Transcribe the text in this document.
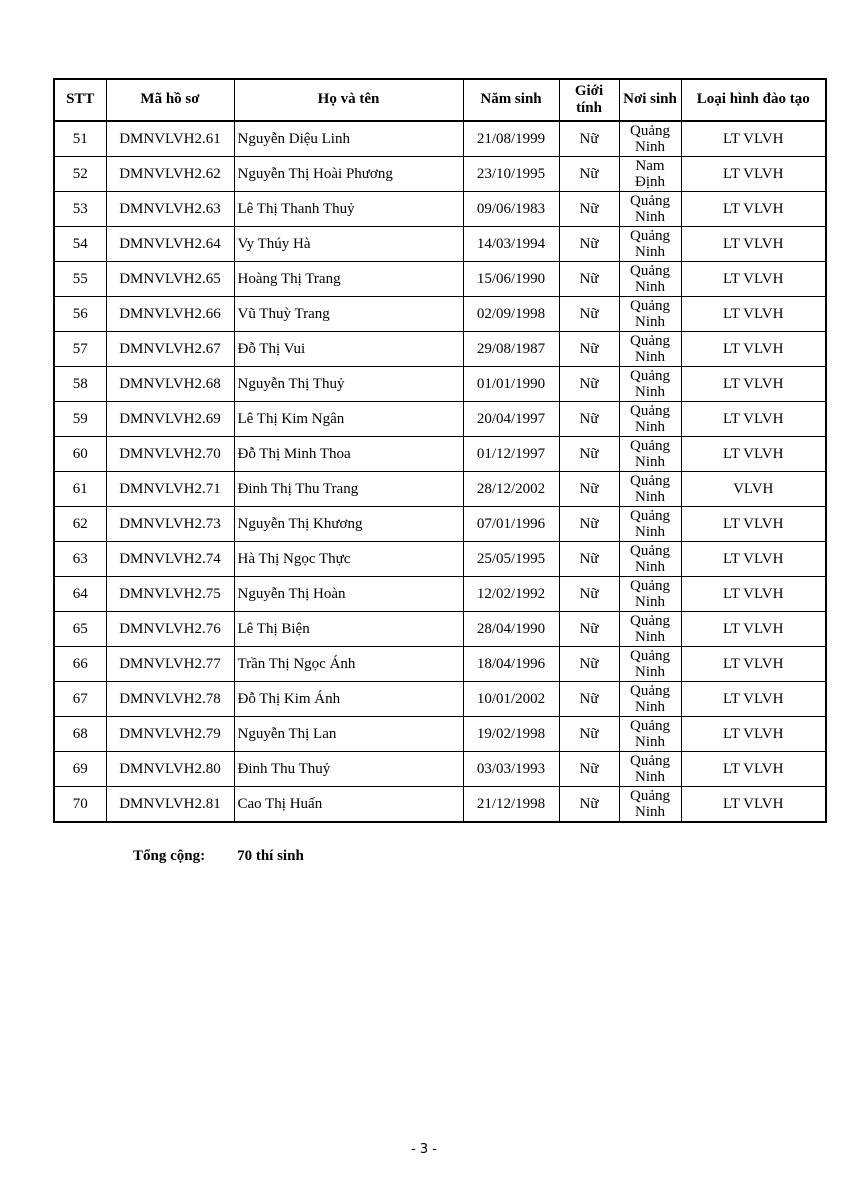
STT	Mã hồ sơ	Họ và tên	Năm sinh	Giới tính	Nơi sinh	Loại hình đào tạo
51	DMNVLVH2.61	Nguyễn Diệu Linh	21/08/1999	Nữ	Quảng Ninh	LT VLVH
52	DMNVLVH2.62	Nguyễn Thị Hoài Phương	23/10/1995	Nữ	Nam Định	LT VLVH
53	DMNVLVH2.63	Lê Thị Thanh Thuỷ	09/06/1983	Nữ	Quảng Ninh	LT VLVH
54	DMNVLVH2.64	Vy Thúy Hà	14/03/1994	Nữ	Quảng Ninh	LT VLVH
55	DMNVLVH2.65	Hoàng Thị Trang	15/06/1990	Nữ	Quảng Ninh	LT VLVH
56	DMNVLVH2.66	Vũ Thuỳ Trang	02/09/1998	Nữ	Quảng Ninh	LT VLVH
57	DMNVLVH2.67	Đỗ Thị Vui	29/08/1987	Nữ	Quảng Ninh	LT VLVH
58	DMNVLVH2.68	Nguyễn Thị Thuỷ	01/01/1990	Nữ	Quảng Ninh	LT VLVH
59	DMNVLVH2.69	Lê Thị Kim Ngân	20/04/1997	Nữ	Quảng Ninh	LT VLVH
60	DMNVLVH2.70	Đỗ Thị Minh Thoa	01/12/1997	Nữ	Quảng Ninh	LT VLVH
61	DMNVLVH2.71	Đinh Thị Thu Trang	28/12/2002	Nữ	Quảng Ninh	VLVH
62	DMNVLVH2.73	Nguyễn Thị Khương	07/01/1996	Nữ	Quảng Ninh	LT VLVH
63	DMNVLVH2.74	Hà Thị Ngọc Thực	25/05/1995	Nữ	Quảng Ninh	LT VLVH
64	DMNVLVH2.75	Nguyễn Thị Hoàn	12/02/1992	Nữ	Quảng Ninh	LT VLVH
65	DMNVLVH2.76	Lê Thị Biện	28/04/1990	Nữ	Quảng Ninh	LT VLVH
66	DMNVLVH2.77	Trần Thị Ngọc Ánh	18/04/1996	Nữ	Quảng Ninh	LT VLVH
67	DMNVLVH2.78	Đỗ Thị Kim Ánh	10/01/2002	Nữ	Quảng Ninh	LT VLVH
68	DMNVLVH2.79	Nguyễn Thị Lan	19/02/1998	Nữ	Quảng Ninh	LT VLVH
69	DMNVLVH2.80	Đinh Thu Thuỷ	03/03/1993	Nữ	Quảng Ninh	LT VLVH
70	DMNVLVH2.81	Cao Thị Huấn	21/12/1998	Nữ	Quảng Ninh	LT VLVH
Tổng cộng: 70 thí sinh
- 3 -
